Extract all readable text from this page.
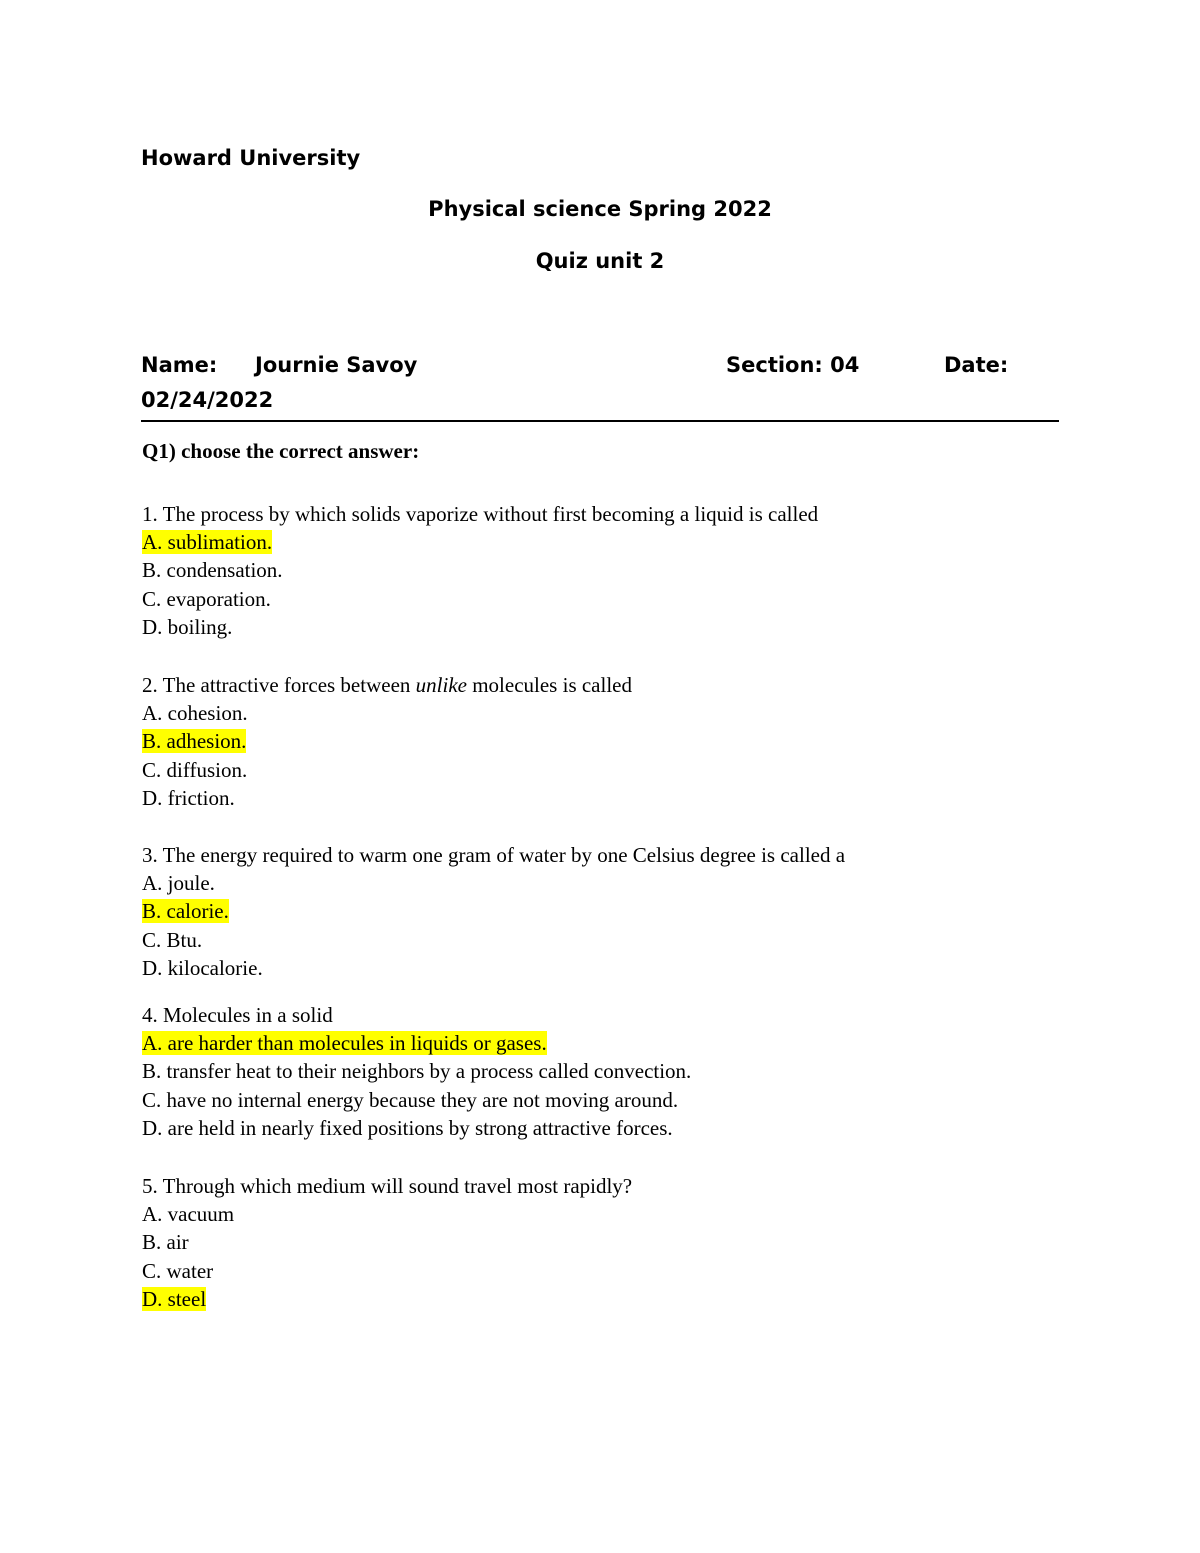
Howard University
Physical science Spring 2022
Quiz unit 2
Name: Journie Savoy	Section: 04	Date:
02/24/2022
Q1) choose the correct answer:
1. The process by which solids vaporize without first becoming a liquid is called
A. sublimation.
B. condensation.
C. evaporation.
D. boiling.
2. The attractive forces between unlike molecules is called
A. cohesion.
B. adhesion.
C. diffusion.
D. friction.
3. The energy required to warm one gram of water by one Celsius degree is called a
A. joule.
B. calorie.
C. Btu.
D. kilocalorie.
4. Molecules in a solid
A. are harder than molecules in liquids or gases.
B. transfer heat to their neighbors by a process called convection.
C. have no internal energy because they are not moving around.
D. are held in nearly fixed positions by strong attractive forces.
5. Through which medium will sound travel most rapidly?
A. vacuum
B. air
C. water
D. steel
